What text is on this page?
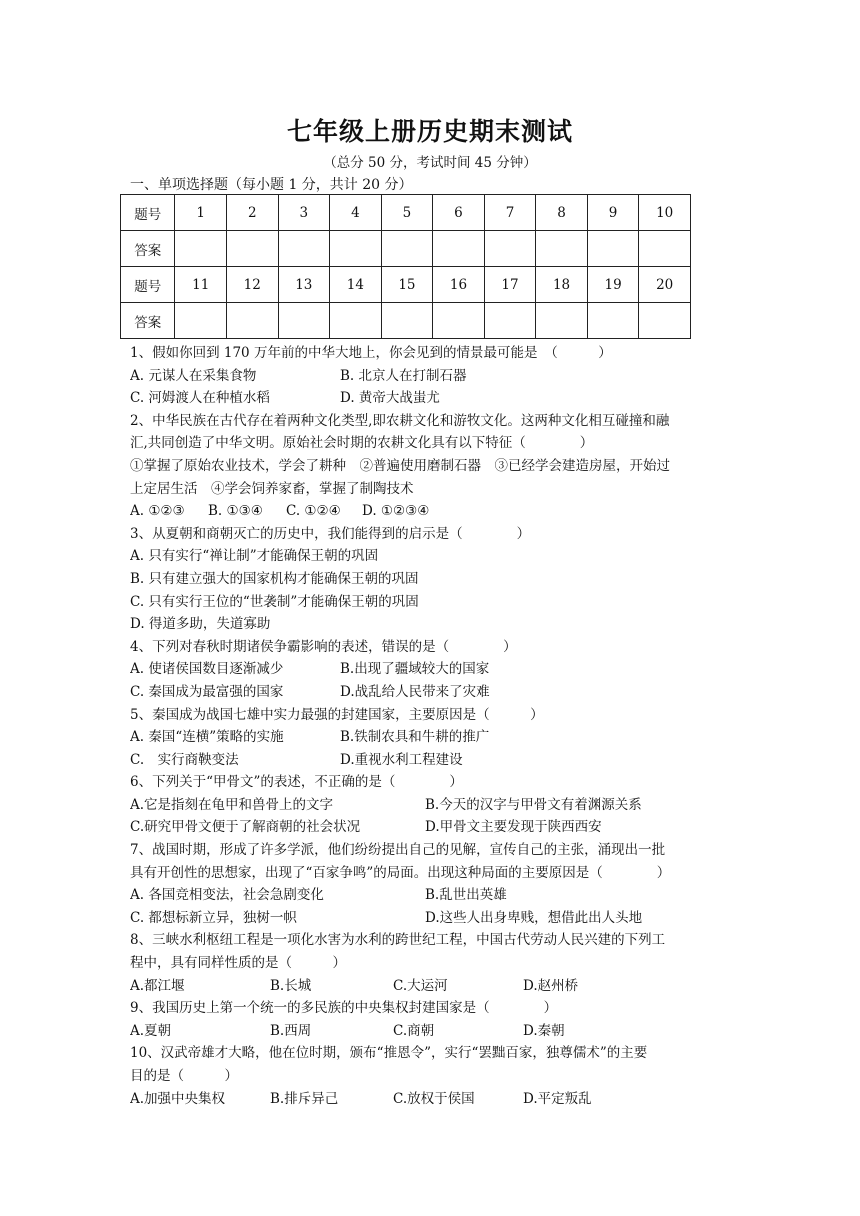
七年级上册历史期末测试
（总分 50 分，考试时间 45 分钟）
一、单项选择题（每小题 1 分，共计 20 分）
题号	1	2	3	4	5	6	7	8	9	10
答案										
题号	11	12	13	14	15	16	17	18	19	20
答案										
1、假如你回到 170 万年前的中华大地上，你会见到的情景最可能是　（　　　）
A. 元谋人在采集食物	B. 北京人在打制石器
C. 河姆渡人在种植水稻	D. 黄帝大战蚩尤
2、中华民族在古代存在着两种文化类型,即农耕文化和游牧文化。这两种文化相互碰撞和融
汇,共同创造了中华文明。原始社会时期的农耕文化具有以下特征（　　　　）
①掌握了原始农业技术，学会了耕种　②普遍使用磨制石器　③已经学会建造房屋，开始过
上定居生活　④学会饲养家畜，掌握了制陶技术
A. ①②③ B. ①③④ C. ①②④ D. ①②③④
3、从夏朝和商朝灭亡的历史中，我们能得到的启示是（　　　　）
A. 只有实行“禅让制”才能确保王朝的巩固
B. 只有建立强大的国家机构才能确保王朝的巩固
C. 只有实行王位的“世袭制”才能确保王朝的巩固
D. 得道多助，失道寡助
4、下列对春秋时期诸侯争霸影响的表述，错误的是（　　　　）
A. 使诸侯国数目逐渐减少	B.出现了疆域较大的国家
C. 秦国成为最富强的国家	D.战乱给人民带来了灾难
5、秦国成为战国七雄中实力最强的封建国家，主要原因是（　　　）
A. 秦国“连横”策略的实施	B.铁制农具和牛耕的推广
C.　实行商鞅变法	D.重视水利工程建设
6、下列关于“甲骨文”的表述，不正确的是（　　　　）
A.它是指刻在龟甲和兽骨上的文字	B.今天的汉字与甲骨文有着渊源关系
C.研究甲骨文便于了解商朝的社会状况	D.甲骨文主要发现于陕西西安
7、战国时期，形成了许多学派，他们纷纷提出自己的见解，宣传自己的主张，涌现出一批
具有开创性的思想家，出现了“百家争鸣”的局面。出现这种局面的主要原因是（　　　　）
A. 各国竞相变法，社会急剧变化	B.乱世出英雄
C. 都想标新立异，独树一帜	D.这些人出身卑贱，想借此出人头地
8、三峡水利枢纽工程是一项化水害为水利的跨世纪工程，中国古代劳动人民兴建的下列工
程中，具有同样性质的是（　　　）
A.都江堰	B.长城	C.大运河	D.赵州桥
9、我国历史上第一个统一的多民族的中央集权封建国家是（　　　　）
A.夏朝	B.西周	C.商朝	D.秦朝
10、汉武帝雄才大略，他在位时期，颁布“推恩令”，实行“罢黜百家，独尊儒术”的主要
目的是（　　　）
A.加强中央集权	B.排斥异己	C.放权于侯国	D.平定叛乱
